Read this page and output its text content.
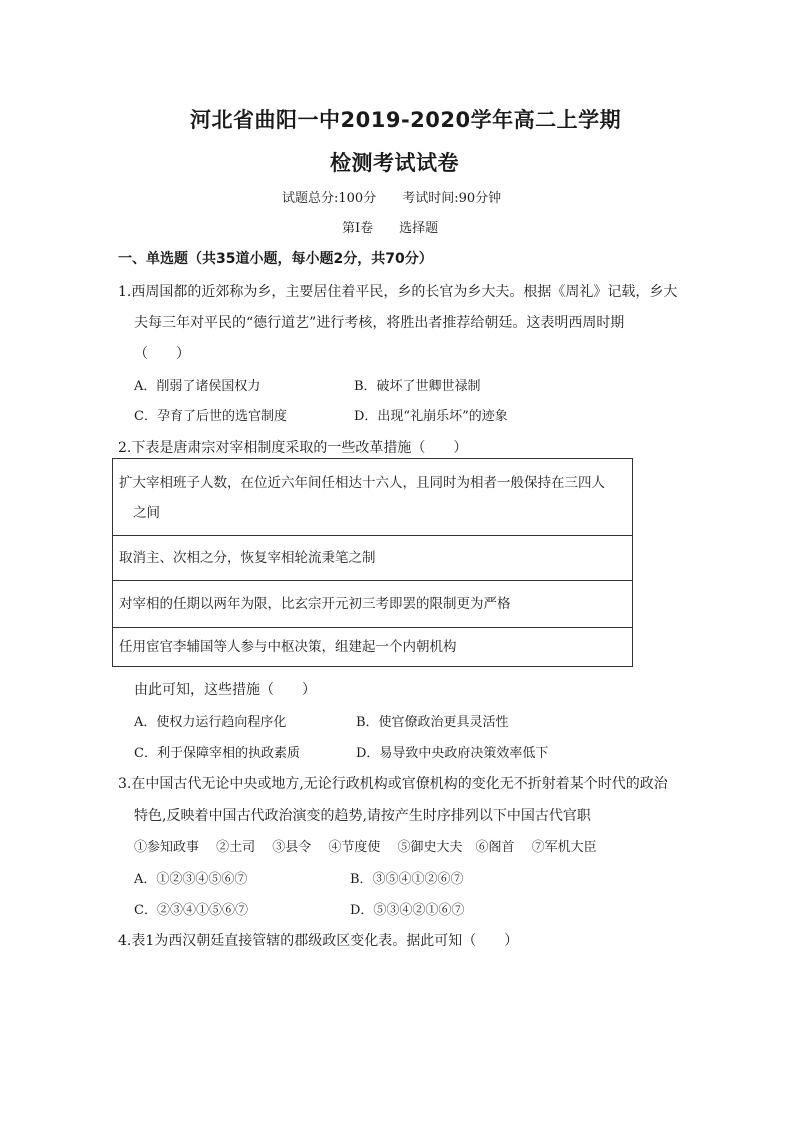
河北省曲阳一中2019-2020学年高二上学期
检测考试试卷
试题总分:100分　　考试时间:90分钟
第Ⅰ卷　　选择题
一、单选题（共35道小题，每小题2分，共70分）
1.西周国都的近郊称为乡，主要居住着平民，乡的长官为乡大夫。根据《周礼》记载，乡大
夫每三年对平民的“德行道艺”进行考核，将胜出者推荐给朝廷。这表明西周时期
（　　）
A．削弱了诸侯国权力	B．破坏了世卿世禄制
C．孕育了后世的选官制度	D．出现“礼崩乐坏”的迹象
2.下表是唐肃宗对宰相制度采取的一些改革措施（　　）
扩大宰相班子人数，在位近六年间任相达十六人，且同时为相者一般保持在三四人
之间

取消主、次相之分，恢复宰相轮流秉笔之制
对宰相的任期以两年为限，比玄宗开元初三考即罢的限制更为严格
任用宦官李辅国等人参与中枢决策，组建起一个内朝机构
由此可知，这些措施（　　）
A．使权力运行趋向程序化	B．使官僚政治更具灵活性
C．利于保障宰相的执政素质	D．易导致中央政府决策效率低下
3.在中国古代无论中央或地方,无论行政机构或官僚机构的变化无不折射着某个时代的政治
特色,反映着中国古代政治演变的趋势,请按产生时序排列以下中国古代官职
①参知政事　 ②土司　 ③县令　 ④节度使　 ⑤御史大夫　⑥阁首　 ⑦军机大臣
A．①②③④⑤⑥⑦	B．③⑤④①②⑥⑦
C．②③④①⑤⑥⑦	D．⑤③④②①⑥⑦
4.表1为西汉朝廷直接管辖的郡级政区变化表。据此可知（　　）
